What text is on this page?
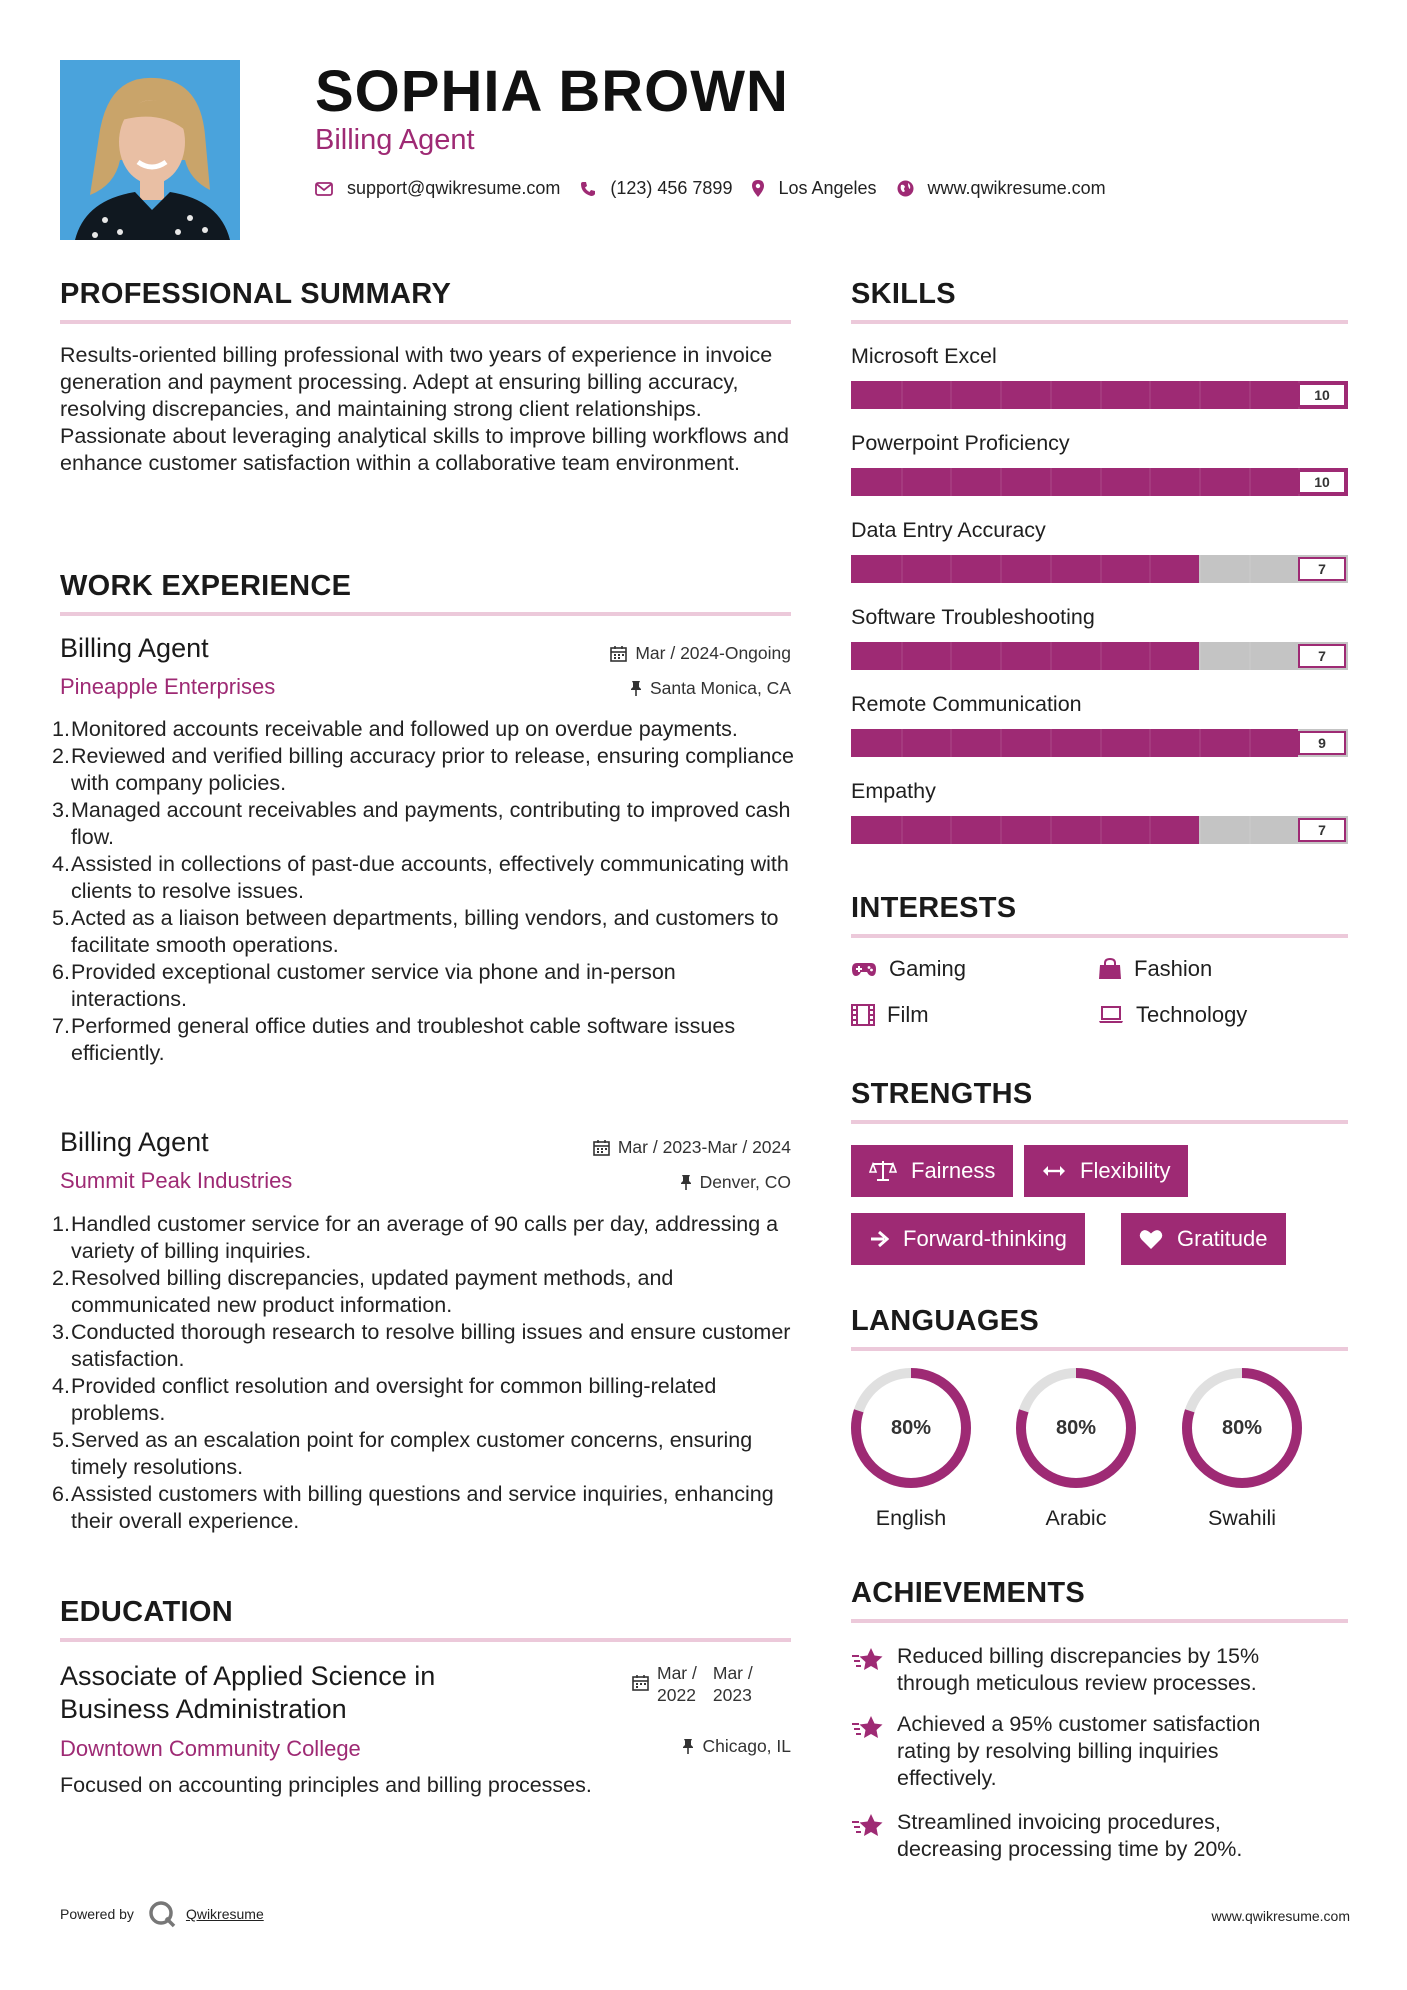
SOPHIA BROWN
Billing Agent
support@qwikresume.com	(123) 456 7899	Los Angeles	www.qwikresume.com
PROFESSIONAL SUMMARY
Results-oriented billing professional with two years of experience in invoice generation and payment processing. Adept at ensuring billing accuracy, resolving discrepancies, and maintaining strong client relationships. Passionate about leveraging analytical skills to improve billing workflows and enhance customer satisfaction within a collaborative team environment.
WORK EXPERIENCE
Billing Agent	Mar / 2024-Ongoing
Pineapple Enterprises	Santa Monica, CA
1. Monitored accounts receivable and followed up on overdue payments.
2. Reviewed and verified billing accuracy prior to release, ensuring compliance with company policies.
3. Managed account receivables and payments, contributing to improved cash flow.
4. Assisted in collections of past-due accounts, effectively communicating with clients to resolve issues.
5. Acted as a liaison between departments, billing vendors, and customers to facilitate smooth operations.
6. Provided exceptional customer service via phone and in-person interactions.
7. Performed general office duties and troubleshot cable software issues efficiently.
Billing Agent	Mar / 2023-Mar / 2024
Summit Peak Industries	Denver, CO
1. Handled customer service for an average of 90 calls per day, addressing a variety of billing inquiries.
2. Resolved billing discrepancies, updated payment methods, and communicated new product information.
3. Conducted thorough research to resolve billing issues and ensure customer satisfaction.
4. Provided conflict resolution and oversight for common billing-related problems.
5. Served as an escalation point for complex customer concerns, ensuring timely resolutions.
6. Assisted customers with billing questions and service inquiries, enhancing their overall experience.
EDUCATION
Associate of Applied Science in
Business Administration
Mar /
2022
Mar /
2023
Downtown Community College	Chicago, IL
Focused on accounting principles and billing processes.
SKILLS
Microsoft Excel
10
Powerpoint Proficiency
10
Data Entry Accuracy
7
Software Troubleshooting
7
Remote Communication
9
Empathy
7
INTERESTS
Gaming	Fashion
Film	Technology
STRENGTHS
Fairness	Flexibility
Forward-thinking	Gratitude
LANGUAGES
80%
English
80%
Arabic
80%
Swahili
ACHIEVEMENTS
Reduced billing discrepancies by 15%
through meticulous review processes.
Achieved a 95% customer satisfaction
rating by resolving billing inquiries
effectively.
Streamlined invoicing procedures,
decreasing processing time by 20%.
Powered by	Qwikresume	www.qwikresume.com
